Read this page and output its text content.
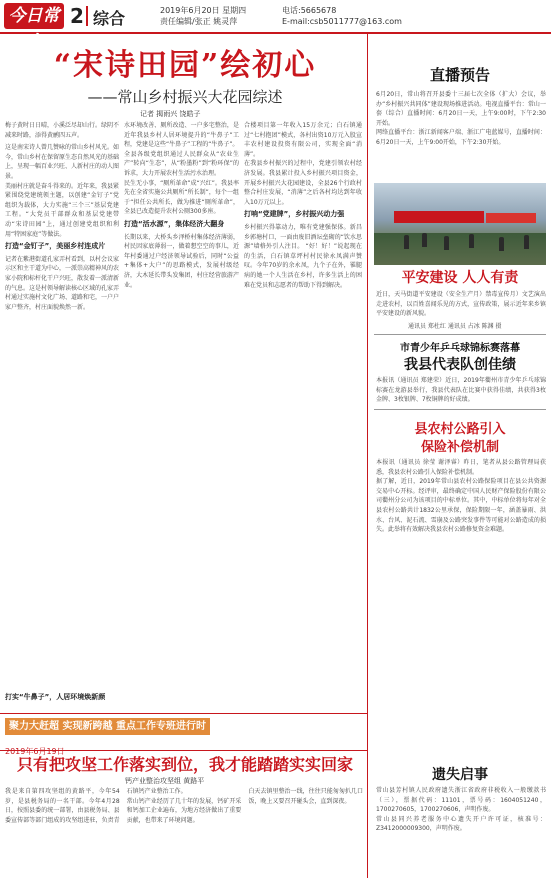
今日常山
2 综合	2019年6月20日 星期四
责任编辑/张正 姚灵萍
电话:5665678
E-mail:csb5011777@163.com
“宋诗田园”绘初心
——常山乡村振兴大花园综述
记者 揭雨兴 饶皓子

梅子黄时日日晴，小溪泛尽却山行。绿阴不减来时路，添得黄鹂四五声。

这是南宋诗人曾几赞咏的常山乡村风光。如今，常山乡村在保留原生态自然风光的基础上，呈现一幅百业兴旺、人新村庄的动人图景。
美丽村庄就是奋斗得来的。近年来，我县紧紧围绕党建统领主题，以创建“金钉子”党组织为载体，大力实施“三个三”基层党建工程。“大党员干部群众和基层党建带动“宋诗田园”上，通过创建党组织和利用“特困家庭”等做法。

打造“金钉子”，美丽乡村连成片

记者在紫港街道孔家弄村看到，以村会议家示区和主干道为中心，一派崇高精神风的农家小院和标杆化干户兴旺，散发着一派清新的气息。这是村领导解读核心区域的孔家弄村通过实施村文化广场、道路和宅，一户户家户整齐，村庄面貌焕然一新。

打实“牛鼻子”，人居环境焕新颜

水环境改善、厕所改造、一户多宅整治，是近年我县乡村人居环境提升的“牛鼻子”工程，党建是这些“牛鼻子”工程的“牛鼻子”。
全县各级党组织通过人民群众从“农业生产”转向“生态”，从“粉墨粉”到“粉环保”的诉求，大力开展农村生活污水治理。
民生无小事，“厕所革命”成“兴红”。我县率先在全省实施公共厕所“所长制”，每个一组于“担任公共所长，做为推进“厕所革命”，全县已改造提升农村公厕300多座。

打造“活水源”，集体经济大翻身

长期以来，大桥头乡泽桥村集体经济薄弱，村民因家底薄弱一，做着想空空的事儿，近年村委通过户经济领导试验后，同时“公益+集体+大户”的思路模式，发展村级经济，大木延长带头发集团，村庄经营旅游产业。

合楼项目第一年收入15万余元；白石镇通过“七村抱团”模式，各村出资10万元入股宣丰农村建设投资有限公司，实现全面“消薄”。
在我县乡村振兴的过程中，党建引领农村经济发展。我县累计投入乡村振兴项目资金，开展乡村振兴大花园建设，全县26个行政村整合村庄发展，“消薄”之后各村均达到年收入10万元以上。

打响“党建牌”，乡村振兴动力强

乡村振兴得靠动力，唯有党建强保体。新昌乡郭塘村口，一面由废旧酒坛垒砌的“饮水思源”墙格外引人注目。 “好！好！”说起现在的生活，白石镇草坪村村民徐永凤满声赞叹。今年70岁的余永凤，九个子在外，罹腿病的她一个人生活在乡村，许多生活上的困难在党员和志愿者的帮助下得到解决。

聚力大赶超 实现新跨越 重点工作专班进行时
2019年6月19日
只有把攻坚工作落实到位，我才能踏踏实实回家
钙产业整治攻坚组 黄路平

我是来自第四攻坚组的黄路平，今年54岁，是县税务局的一名干部。今年4月28日，按照县委的统一部署，由县税务局、县委宣传部等部门组成的攻坚组进驻，负责青石镇钙产业整治工作。
常山钙产业经历了几十年的发展，钙矿开采和钙加工企业遍布，为地方经济做出了重要贡献，也带来了环境问题。
白天去镇里整治一线，往往只能匆匆扒几口饭，晚上又要召开碰头会，直到深夜。

直播预告

6月20日，常山将召开县委十三届七次全体（扩大）会议，举办“乡村振兴共同体”建设现场推进活动。电视直播平台：常山一套（综合）直播时间：6月20日一天，上午9:00时，下午2:30开始。
网络直播平台：浙江新闻客户端、浙江广电蓝媒号，直播时间：6月20日一天，上午9:00开始，下午2:30开始。

平安建设 人人有责

近日，天马街道平安建设（安全生产月）禁毒宣传月）文艺演出走进农村，以百姓喜闻乐见的方式，宣传政策，展示近年来乡镇平安建设的新风貌。

通讯员 郑杜红 通讯员 占冰 陈渊 摄

市青少年乒乓球锦标赛落幕
我县代表队创佳绩

本报讯（通讯员 郑建荣）近日，2019年衢州市青少年乒乓球锦标赛在龙游县举行，我县代表队在比赛中获得佳绩，共获得3枚金牌、3枚银牌、7枚铜牌的好成绩。

县农村公路引入
保险补偿机制

本报讯（通讯员 徐莹 谢泽睿）昨日，笔者从县公路管理局获悉，我县农村公路引入保险补偿机制。
据了解，近日，2019年常山县农村公路保险项目在县公共资源交易中心开标。经评审，最终确定中国人民财产保险股份有限公司衢州分公司为该项目的中标单位。其中，中标单位将每年对全县农村公路共计1832公里承保，保险期限一年，涵盖暴雨、洪水、台风、泥石流、雪崩及公路突发事件等可能对公路造成的损失。此举将有效解决我县农村公路修复资金难题。

遗失启事

常山县芳村镇人民政府遗失浙江省政府非税收入一般缴款书（三），票据代码：11101，票号码：1604051240，1700270605，1700270606，声明作废。
常山县同兴养老服务中心遗失开户许可证，核准号：Z3412000009300，声明作废。
